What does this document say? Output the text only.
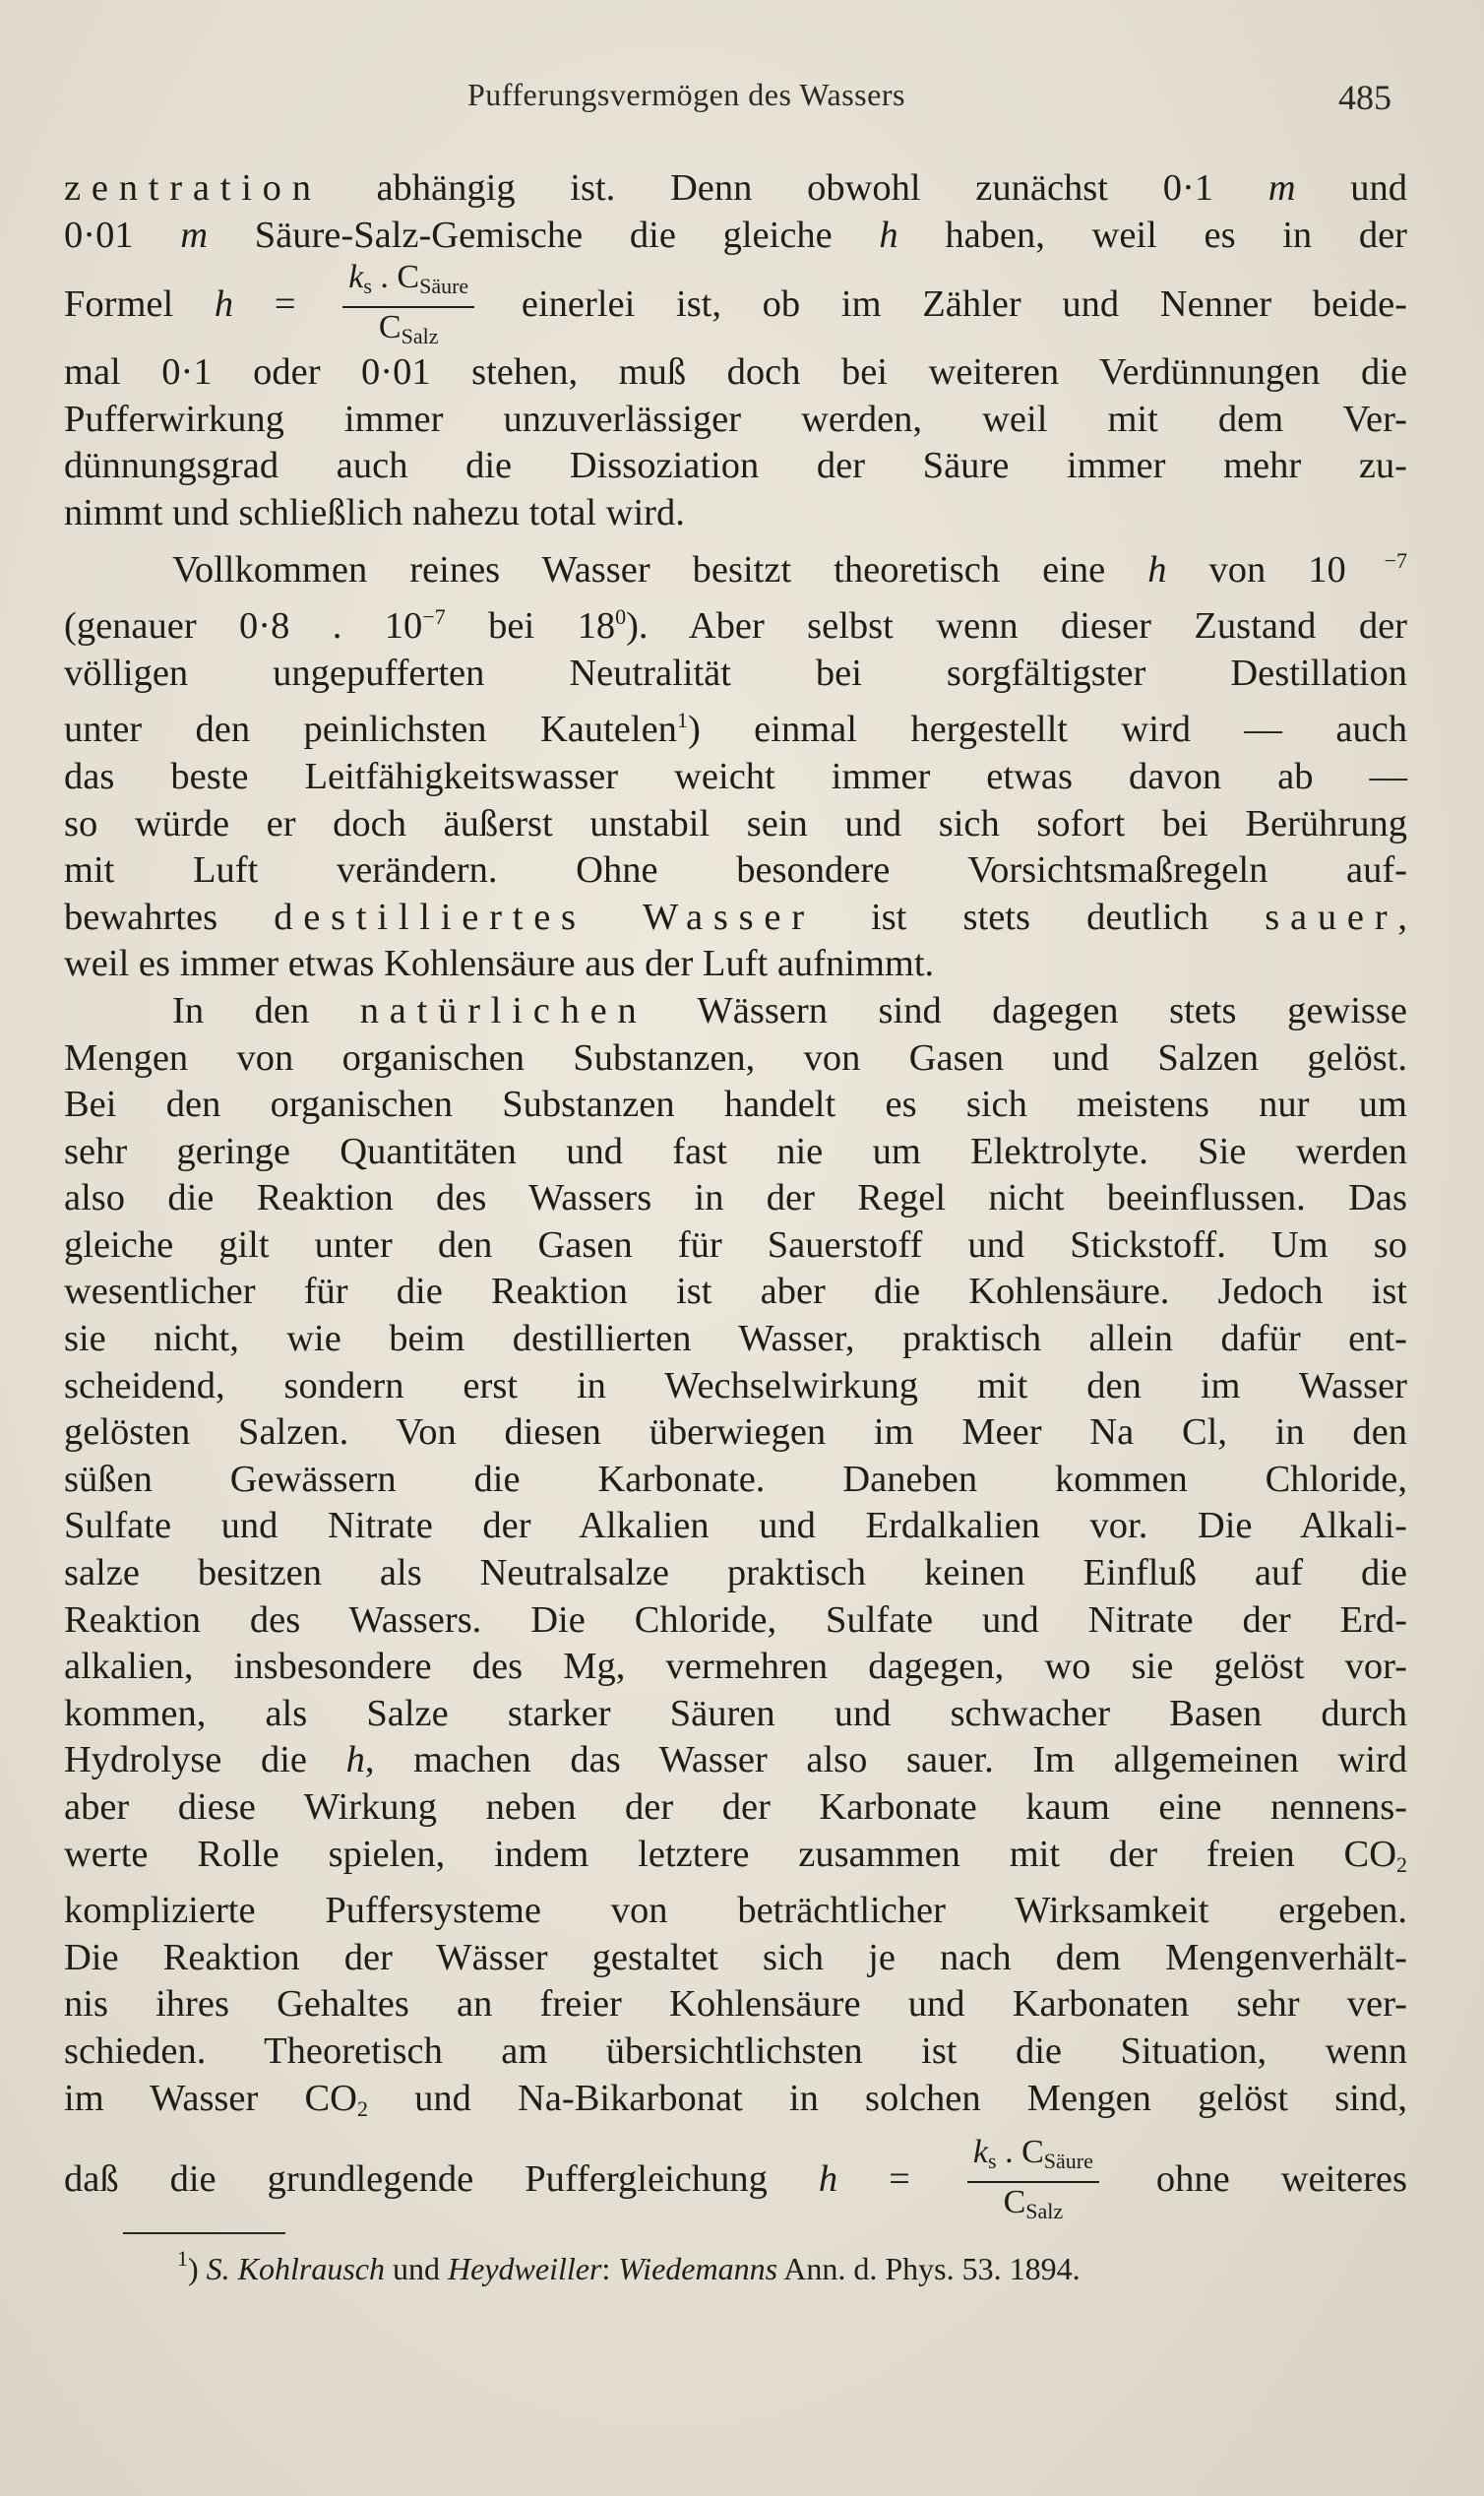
Pufferungsvermögen des Wassers	485

zentration abhängig ist. Denn obwohl zunächst 0·1 m und
0·01 m Säure-Salz-Gemische die gleiche h haben, weil es in der
Formel $h = \frac{k_s . C_{Säure}}{C_{Salz}}$ einerlei ist, ob im Zähler und Nenner beide-
mal 0·1 oder 0·01 stehen, muß doch bei weiteren Verdünnungen die
Pufferwirkung immer unzuverlässiger werden, weil mit dem Ver-
dünnungsgrad auch die Dissoziation der Säure immer mehr zu-
nimmt und schließlich nahezu total wird.

Vollkommen reines Wasser besitzt theoretisch eine h von 10 $^{-7}$
(genauer 0·8 . $10^{-7}$ bei $18^0$). Aber selbst wenn dieser Zustand der
völligen ungepufferten Neutralität bei sorgfältigster Destillation
unter den peinlichsten Kautelen$^1$) einmal hergestellt wird — auch
das beste Leitfähigkeitswasser weicht immer etwas davon ab —
so würde er doch äußerst unstabil sein und sich sofort bei Berührung
mit Luft verändern. Ohne besondere Vorsichtsmaßregeln auf-
bewahrtes destilliertes Wasser ist stets deutlich sauer,
weil es immer etwas Kohlensäure aus der Luft aufnimmt.

In den natürlichen Wässern sind dagegen stets gewisse
Mengen von organischen Substanzen, von Gasen und Salzen gelöst.
Bei den organischen Substanzen handelt es sich meistens nur um
sehr geringe Quantitäten und fast nie um Elektrolyte. Sie werden
also die Reaktion des Wassers in der Regel nicht beeinflussen. Das
gleiche gilt unter den Gasen für Sauerstoff und Stickstoff. Um so
wesentlicher für die Reaktion ist aber die Kohlensäure. Jedoch ist
sie nicht, wie beim destillierten Wasser, praktisch allein dafür ent-
scheidend, sondern erst in Wechselwirkung mit den im Wasser
gelösten Salzen. Von diesen überwiegen im Meer Na Cl, in den
süßen Gewässern die Karbonate. Daneben kommen Chloride,
Sulfate und Nitrate der Alkalien und Erdalkalien vor. Die Alkali-
salze besitzen als Neutralsalze praktisch keinen Einfluß auf die
Reaktion des Wassers. Die Chloride, Sulfate und Nitrate der Erd-
alkalien, insbesondere des Mg, vermehren dagegen, wo sie gelöst vor-
kommen, als Salze starker Säuren und schwacher Basen durch
Hydrolyse die h, machen das Wasser also sauer. Im allgemeinen wird
aber diese Wirkung neben der der Karbonate kaum eine nennens-
werte Rolle spielen, indem letztere zusammen mit der freien $CO_2$
komplizierte Puffersysteme von beträchtlicher Wirksamkeit ergeben.
Die Reaktion der Wässer gestaltet sich je nach dem Mengenverhält-
nis ihres Gehaltes an freier Kohlensäure und Karbonaten sehr ver-
schieden. Theoretisch am übersichtlichsten ist die Situation, wenn
im Wasser $CO_2$ und Na-Bikarbonat in solchen Mengen gelöst sind,
daß die grundlegende Puffergleichung $h = \frac{k_s . C_{Säure}}{C_{Salz}}$ ohne weiteres

$^1$) S. Kohlrausch und Heydweiller: Wiedemanns Ann. d. Phys. 53. 1894.
